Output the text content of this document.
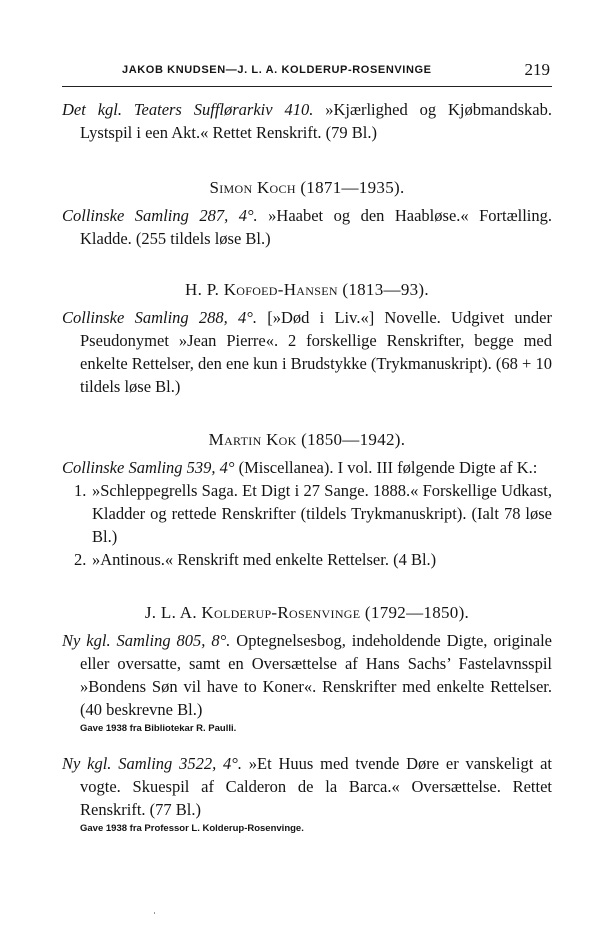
JAKOB KNUDSEN—J. L. A. KOLDERUP-ROSENVINGE	219

Det kgl. Teaters Sufflørarkiv 410. »Kjærlighed og Kjøbmandskab. Lystspil i een Akt.« Rettet Renskrift. (79 Bl.)

Simon Koch (1871—1935).

Collinske Samling 287, 4°. »Haabet og den Haabløse.« Fortælling. Kladde. (255 tildels løse Bl.)

H. P. Kofoed-Hansen (1813—93).

Collinske Samling 288, 4°. [»Død i Liv.«] Novelle. Udgivet under Pseudonymet »Jean Pierre«. 2 forskellige Renskrifter, begge med enkelte Rettelser, den ene kun i Brudstykke (Trykmanuskript). (68 + 10 tildels løse Bl.)

Martin Kok (1850—1942).

Collinske Samling 539, 4° (Miscellanea). I vol. III følgende Digte af K.:

1. »Schleppegrells Saga. Et Digt i 27 Sange. 1888.« Forskellige Udkast, Kladder og rettede Renskrifter (tildels Trykmanuskript). (Ialt 78 løse Bl.)
2. »Antinous.« Renskrift med enkelte Rettelser. (4 Bl.)
J. L. A. Kolderup-Rosenvinge (1792—1850).

Ny kgl. Samling 805, 8°. Optegnelsesbog, indeholdende Digte, originale eller oversatte, samt en Oversættelse af Hans Sachs’ Fastelavnsspil »Bondens Søn vil have to Koner«. Renskrifter med enkelte Rettelser. (40 beskrevne Bl.)

Gave 1938 fra Bibliotekar R. Paulli.

Ny kgl. Samling 3522, 4°. »Et Huus med tvende Døre er vanskeligt at vogte. Skuespil af Calderon de la Barca.« Oversættelse. Rettet Renskrift. (77 Bl.)

Gave 1938 fra Professor L. Kolderup-Rosenvinge.
